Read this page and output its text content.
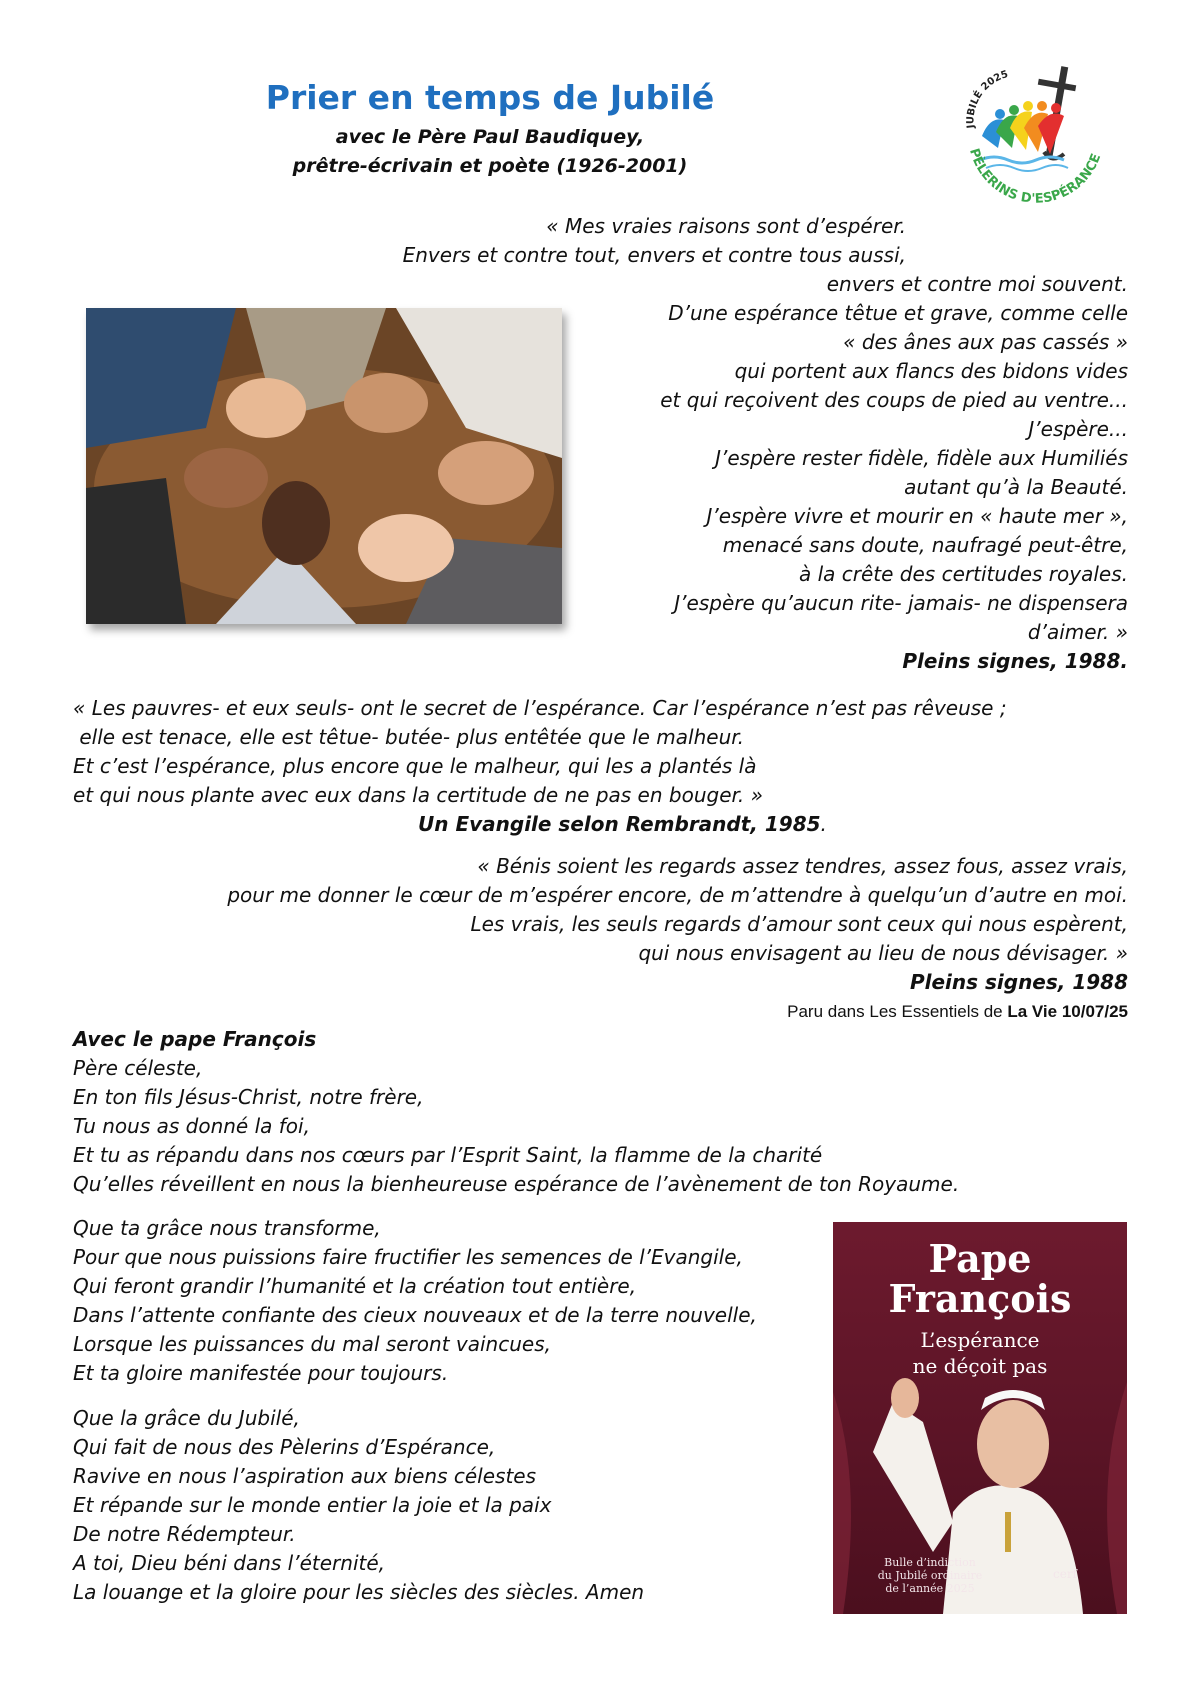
Prier en temps de Jubilé
avec le Père Paul Baudiquey,
prêtre-écrivain et poète (1926-2001)
JUBILÉ 2025
PÈLERINS D'ESPÉRANC
« Mes vraies raisons sont d’espérer.
Envers et contre tout, envers et contre tous aussi,
envers et contre moi souvent.
D’une espérance têtue et grave, comme celle
« des ânes aux pas cassés »
qui portent aux flancs des bidons vides
et qui reçoivent des coups de pied au ventre...
J’espère...
J’espère rester fidèle, fidèle aux Humiliés
autant qu’à la Beauté.
J’espère vivre et mourir en « haute mer »,
menacé sans doute, naufragé peut-être,
à la crête des certitudes royales.
J’espère qu’aucun rite- jamais- ne dispensera
d’aimer. »
Pleins signes, 1988.
« Les pauvres- et eux seuls- ont le secret de l’espérance. Car l’espérance n’est pas rêveuse ;
elle est tenace, elle est têtue- butée- plus entêtée que le malheur.
Et c’est l’espérance, plus encore que le malheur, qui les a plantés là
et qui nous plante avec eux dans la certitude de ne pas en bouger. »
Un Evangile selon Rembrandt, 1985.
« Bénis soient les regards assez tendres, assez fous, assez vrais,
pour me donner le cœur de m’espérer encore, de m’attendre à quelqu’un d’autre en moi.
Les vrais, les seuls regards d’amour sont ceux qui nous espèrent,
qui nous envisagent au lieu de nous dévisager. »
Pleins signes, 1988
Paru dans Les Essentiels de La Vie 10/07/25
Avec le pape François
Père céleste,
En ton fils Jésus-Christ, notre frère,
Tu nous as donné la foi,
Et tu as répandu dans nos cœurs par l’Esprit Saint, la flamme de la charité
Qu’elles réveillent en nous la bienheureuse espérance de l’avènement de ton Royaume.
Que ta grâce nous transforme,
Pour que nous puissions faire fructifier les semences de l’Evangile,
Qui feront grandir l’humanité et la création tout entière,
Dans l’attente confiante des cieux nouveaux et de la terre nouvelle,
Lorsque les puissances du mal seront vaincues,
Et ta gloire manifestée pour toujours.
Que la grâce du Jubilé,
Qui fait de nous des Pèlerins d’Espérance,
Ravive en nous l’aspiration aux biens célestes
Et répande sur le monde entier la joie et la paix
De notre Rédempteur.
A toi, Dieu béni dans l’éternité,
La louange et la gloire pour les siècles des siècles. Amen
Pape
François
L’espérance
ne déçoit pas
Bulle d’indiction
du Jubilé ordinaire
de l’année 2025
cerf
